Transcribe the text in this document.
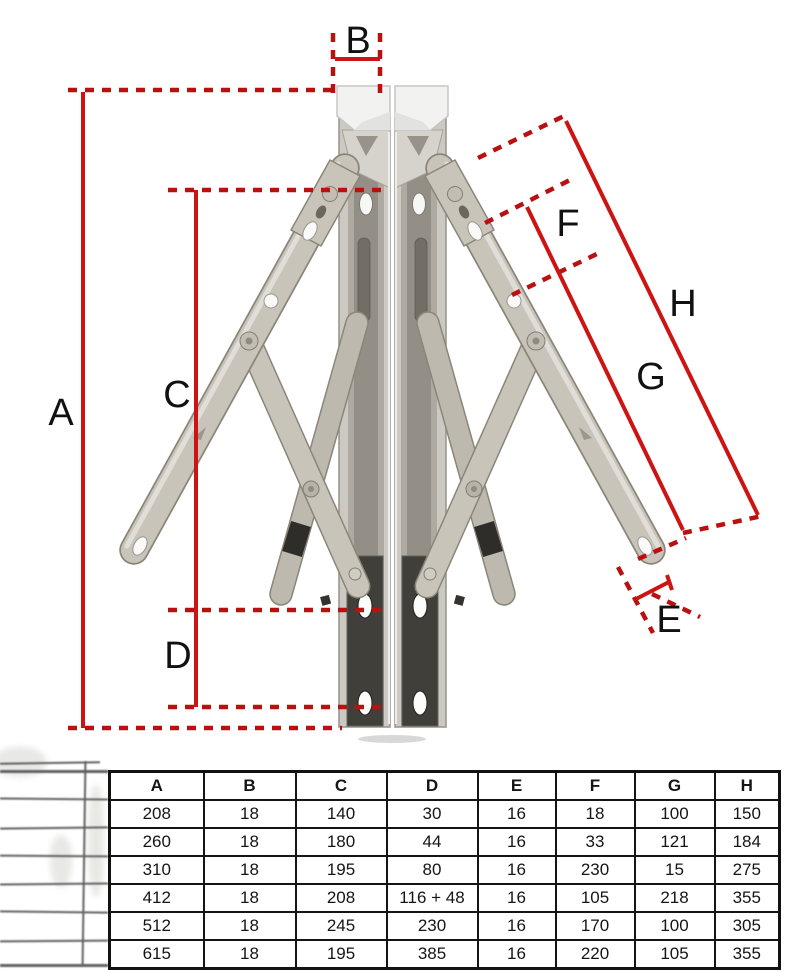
A
B
C
D
E
F
G
H
A	B	C	D	E	F	G	H
208	18	140	30	16	18	100	150
260	18	180	44	16	33	121	184
310	18	195	80	16	230	15	275
412	18	208	116 + 48	16	105	218	355
512	18	245	230	16	170	100	305
615	18	195	385	16	220	105	355
